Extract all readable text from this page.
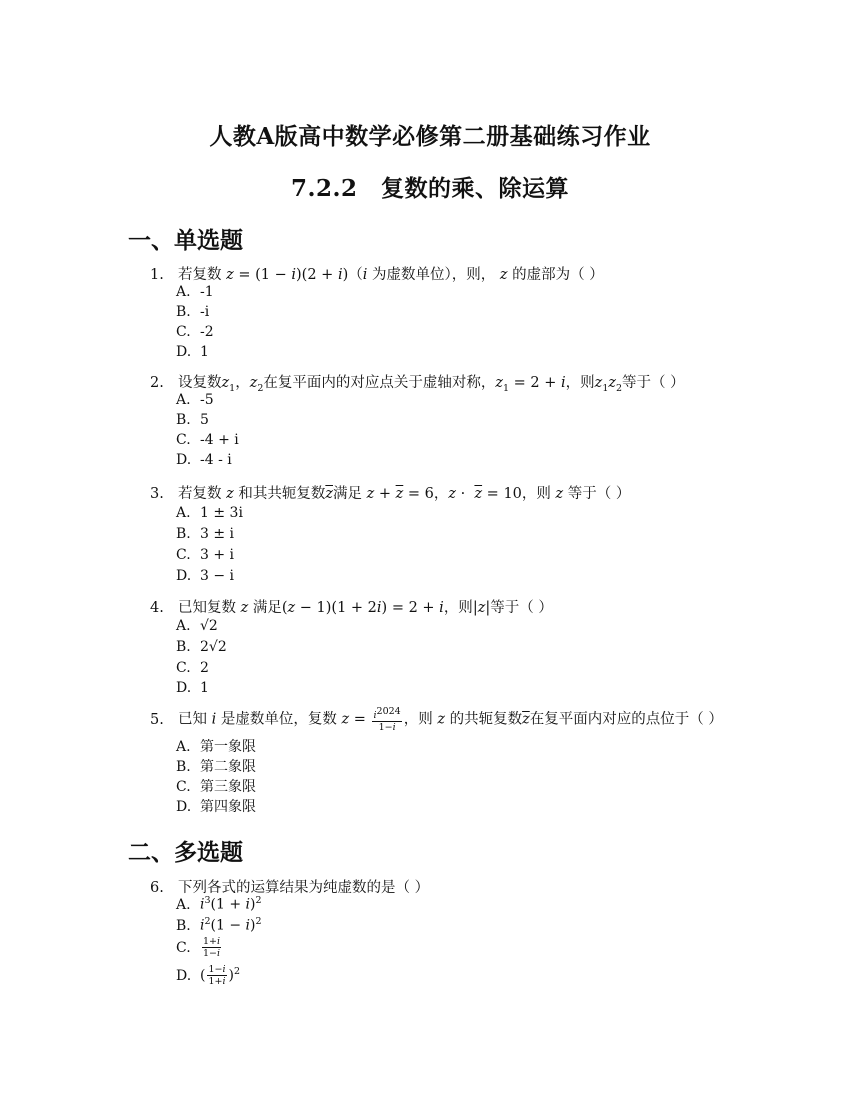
人教A版高中数学必修第二册基础练习作业
7.2.2　复数的乘、除运算
一、单选题
1. 若复数 z = (1 − i)(2 + i)（i 为虚数单位），则， z 的虚部为（ ）
A. -1
B. -i
C. -2
D. 1
2. 设复数$z_1$，$z_2$在复平面内的对应点关于虚轴对称，$z_1 = 2 + i$，则$z_1z_2$等于（ ）
A. -5
B. 5
C. -4 + i
D. -4 - i
3. 若复数 z 和其共轭复数$\overline{z}$满足 $z + \overline{z} = 6$，$z \cdot \overline{z} = 10$，则 z 等于（ ）
A. 1 ± 3i
B. 3 ± i
C. 3 + i
D. 3 − i
4. 已知复数 z 满足(z − 1)(1 + 2i) = 2 + i，则|z|等于（ ）
A. √2
B. 2√2
C. 2
D. 1
5. 已知 i 是虚数单位，复数 $z = \frac{i^{2024}}{1-i}$ ，则 z 的共轭复数$\overline{z}$在复平面内对应的点位于（ ）
A. 第一象限
B. 第二象限
C. 第三象限
D. 第四象限
二、多选题
6. 下列各式的运算结果为纯虚数的是（ ）
A. $i^3(1 + i)^2$
B. $i^2(1 - i)^2$
C. $\frac{1+i}{1-i}$
D. ( $\frac{1-i}{1+i} )^2$
